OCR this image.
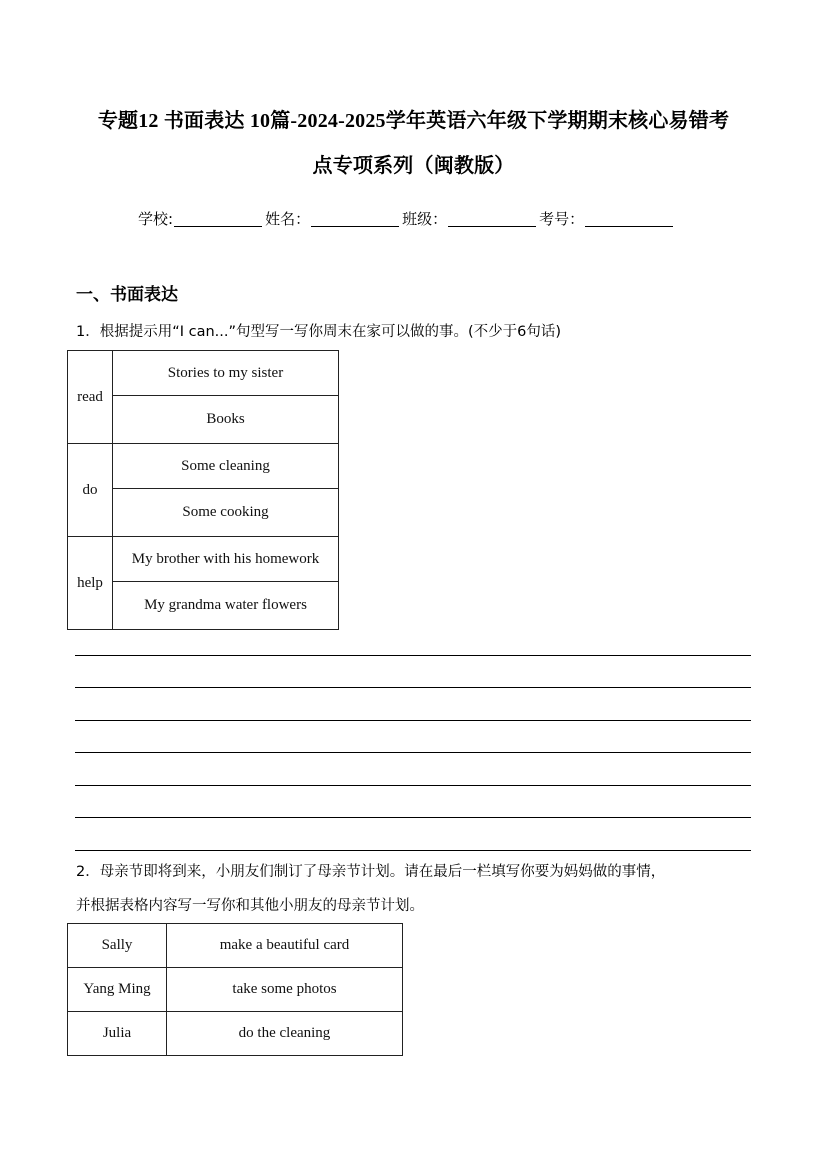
专题12 书面表达 10篇-2024-2025学年英语六年级下学期期末核心易错考
点专项系列（闽教版）
学校:	姓名：	班级：	考号：
一、书面表达
1．根据提示用“I can...”句型写一写你周末在家可以做的事。(不少于6句话)
read	Stories to my sister
	Books
do	Some cleaning
	Some cooking
help	My brother with his homework
	My grandma water flowers
2．母亲节即将到来，小朋友们制订了母亲节计划。请在最后一栏填写你要为妈妈做的事情，
并根据表格内容写一写你和其他小朋友的母亲节计划。
Sally	make a beautiful card
Yang Ming	take some photos
Julia	do the cleaning
